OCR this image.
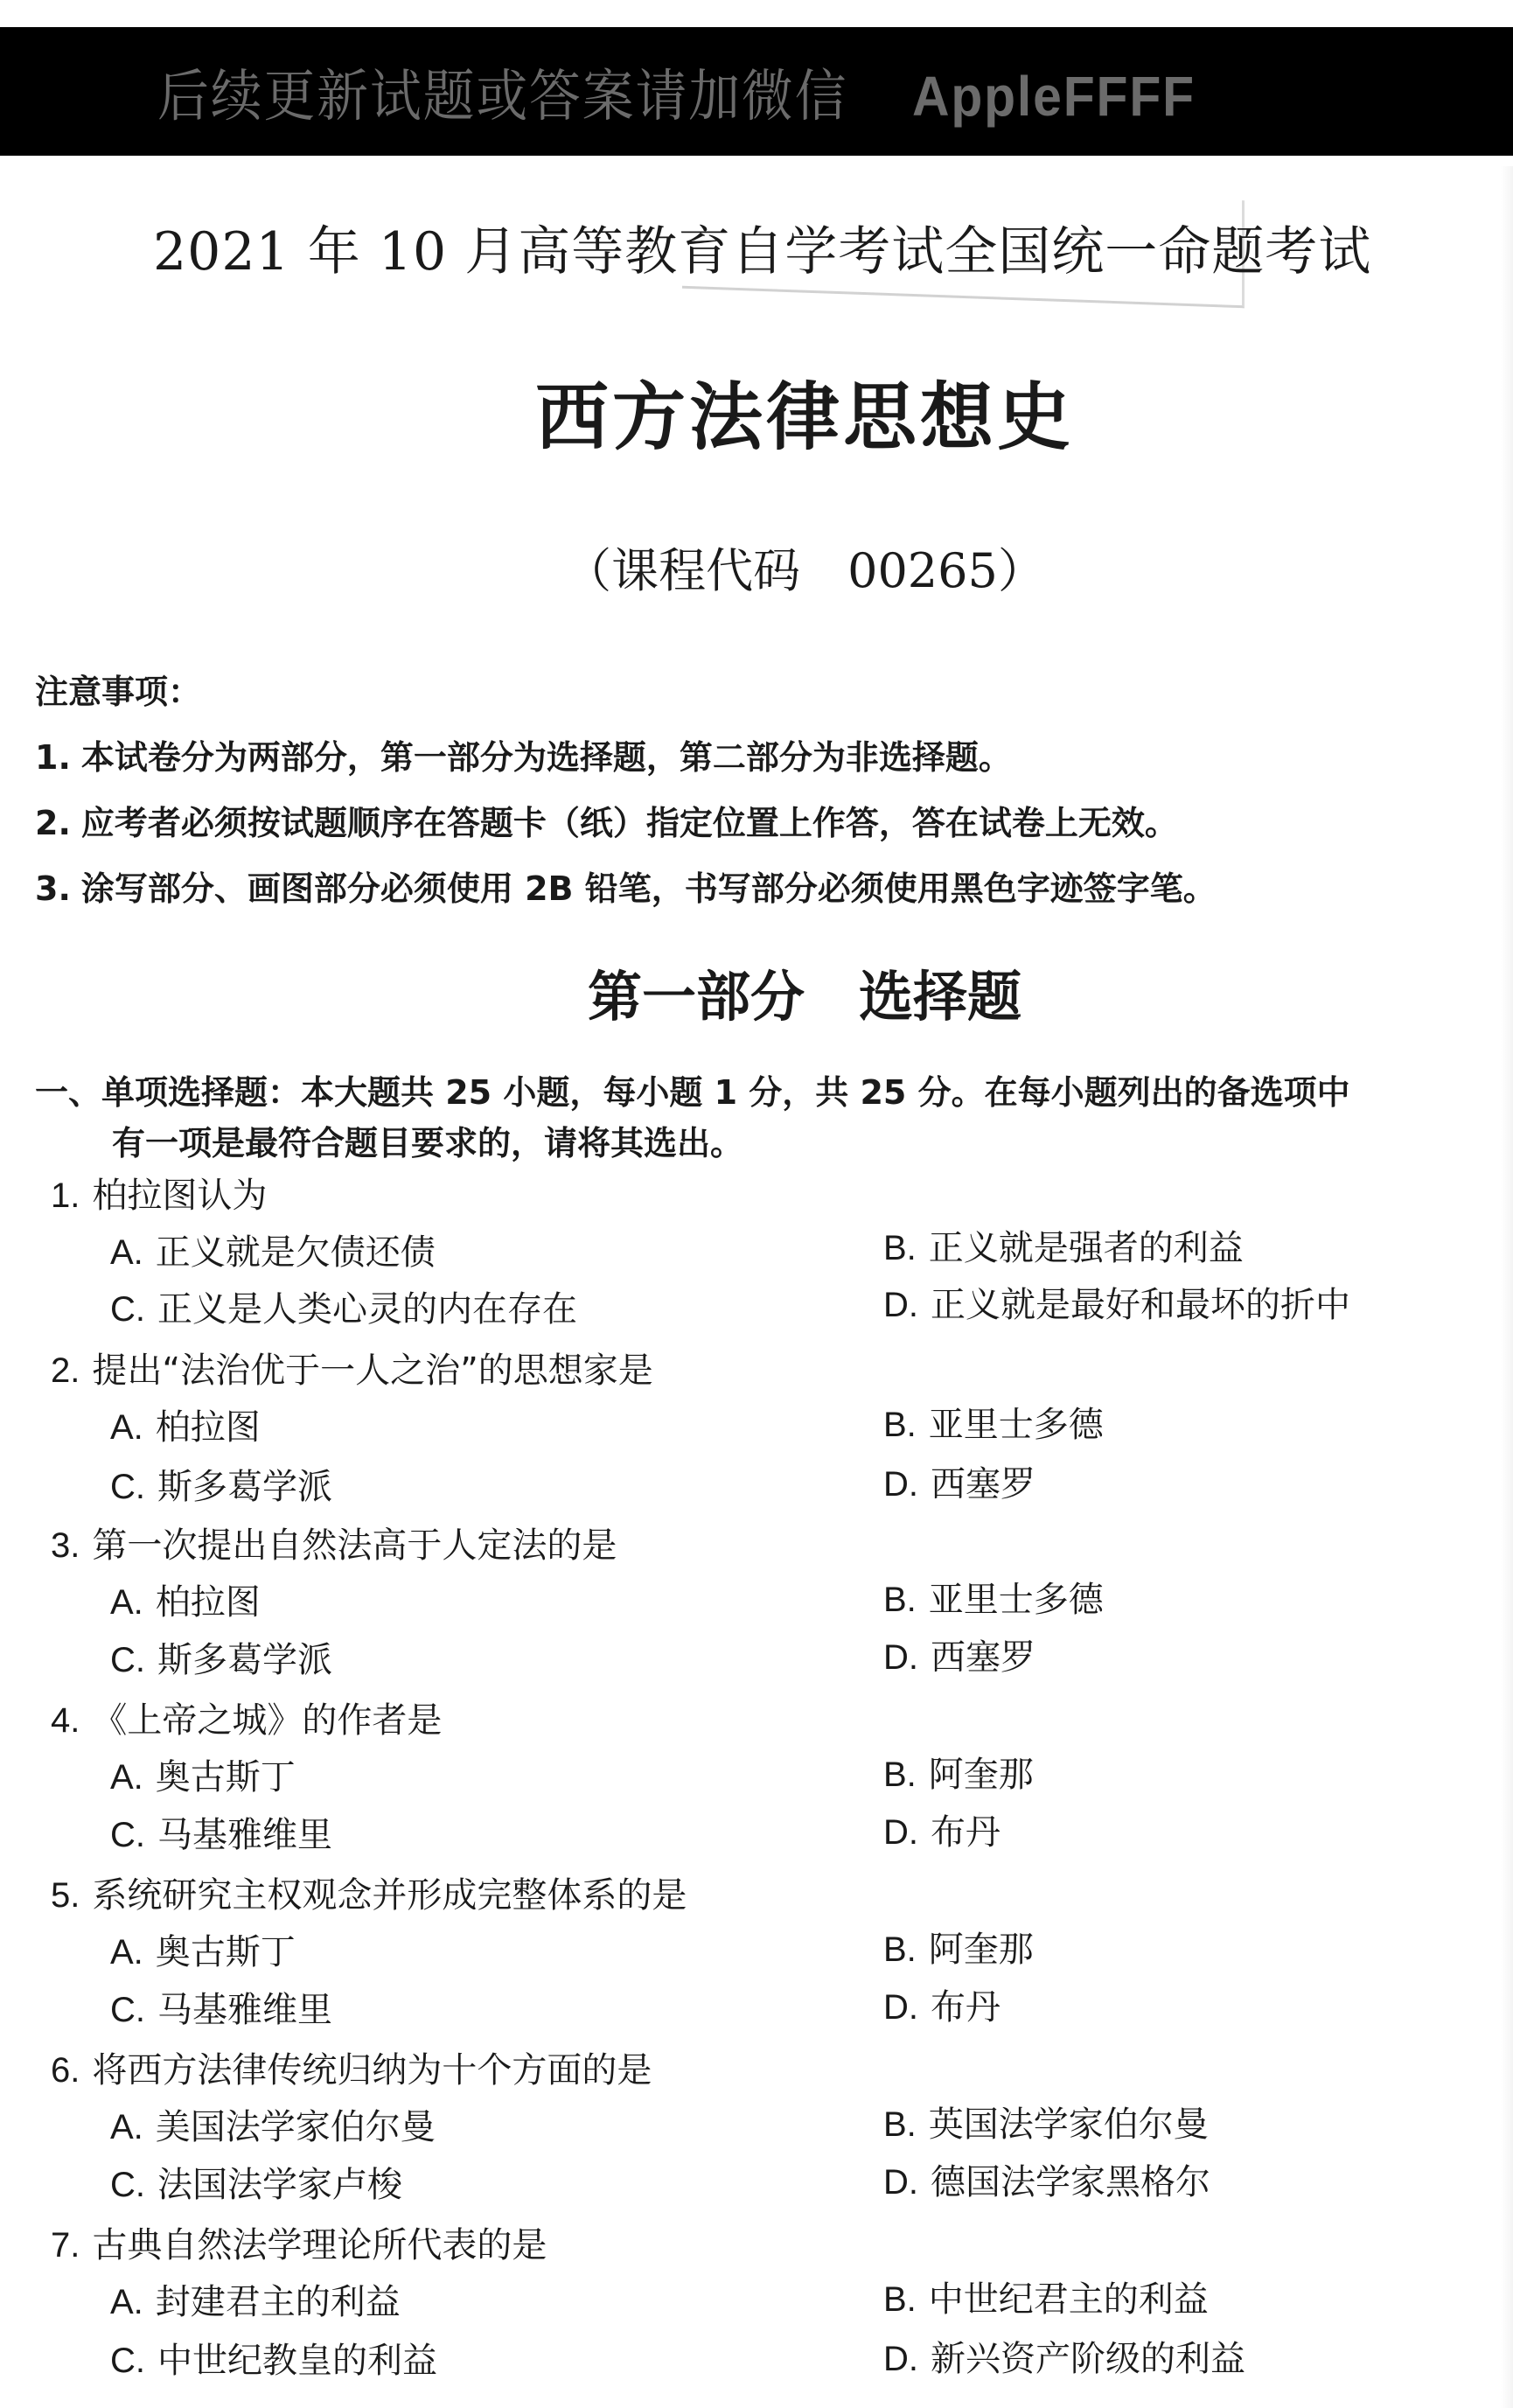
后续更新试题或答案请加微信 AppleFFFF
2021 年 10 月高等教育自学考试全国统一命题考试
西方法律思想史
（课程代码　00265）
注意事项：
1. 本试卷分为两部分，第一部分为选择题，第二部分为非选择题。
2. 应考者必须按试题顺序在答题卡（纸）指定位置上作答，答在试卷上无效。
3. 涂写部分、画图部分必须使用 2B 铅笔，书写部分必须使用黑色字迹签字笔。
第一部分　选择题
一、单项选择题：本大题共 25 小题，每小题 1 分，共 25 分。在每小题列出的备选项中
有一项是最符合题目要求的，请将其选出。
1. 柏拉图认为
A. 正义就是欠债还债	B. 正义就是强者的利益
C. 正义是人类心灵的内在存在	D. 正义就是最好和最坏的折中
2. 提出“法治优于一人之治”的思想家是
A. 柏拉图	B. 亚里士多德
C. 斯多葛学派	D. 西塞罗
3. 第一次提出自然法高于人定法的是
A. 柏拉图	B. 亚里士多德
C. 斯多葛学派	D. 西塞罗
4. 《上帝之城》的作者是
A. 奥古斯丁	B. 阿奎那
C. 马基雅维里	D. 布丹
5. 系统研究主权观念并形成完整体系的是
A. 奥古斯丁	B. 阿奎那
C. 马基雅维里	D. 布丹
6. 将西方法律传统归纳为十个方面的是
A. 美国法学家伯尔曼	B. 英国法学家伯尔曼
C. 法国法学家卢梭	D. 德国法学家黑格尔
7. 古典自然法学理论所代表的是
A. 封建君主的利益	B. 中世纪君主的利益
C. 中世纪教皇的利益	D. 新兴资产阶级的利益
